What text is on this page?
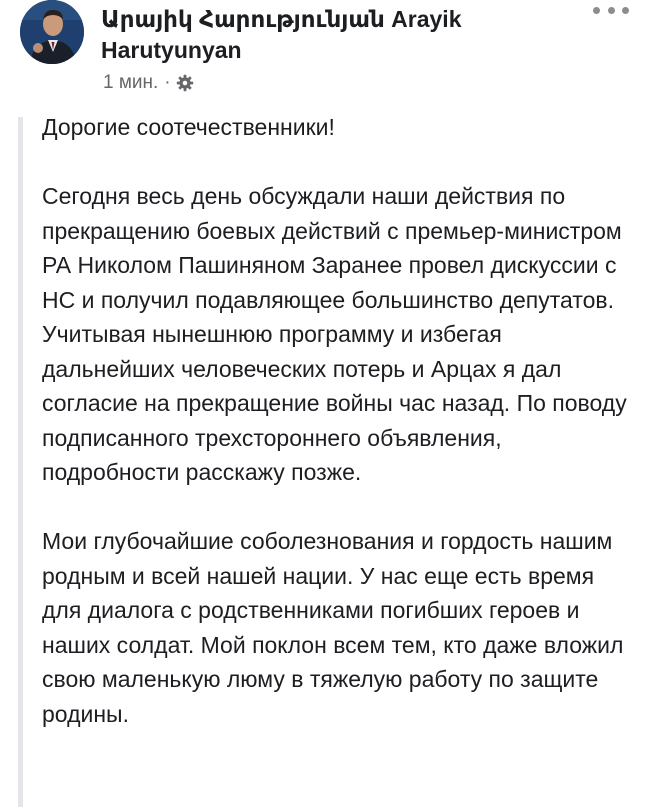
Արայիկ Հարությունյան Arayik Harutyunyan
1 мин. ·

Дорогие соотечественники!

Сегодня весь день обсуждали наши действия по прекращению боевых действий с премьер-министром РА Николом Пашиняном Заранее провел дискуссии с НС и получил подавляющее большинство депутатов. Учитывая нынешнюю программу и избегая дальнейших человеческих потерь и Арцах я дал согласие на прекращение войны час назад. По поводу подписанного трехстороннего объявления, подробности расскажу позже.

Мои глубочайшие соболезнования и гордость нашим родным и всей нашей нации. У нас еще есть время для диалога с родственниками погибших героев и наших солдат. Мой поклон всем тем, кто даже вложил свою маленькую люму в тяжелую работу по защите родины.
